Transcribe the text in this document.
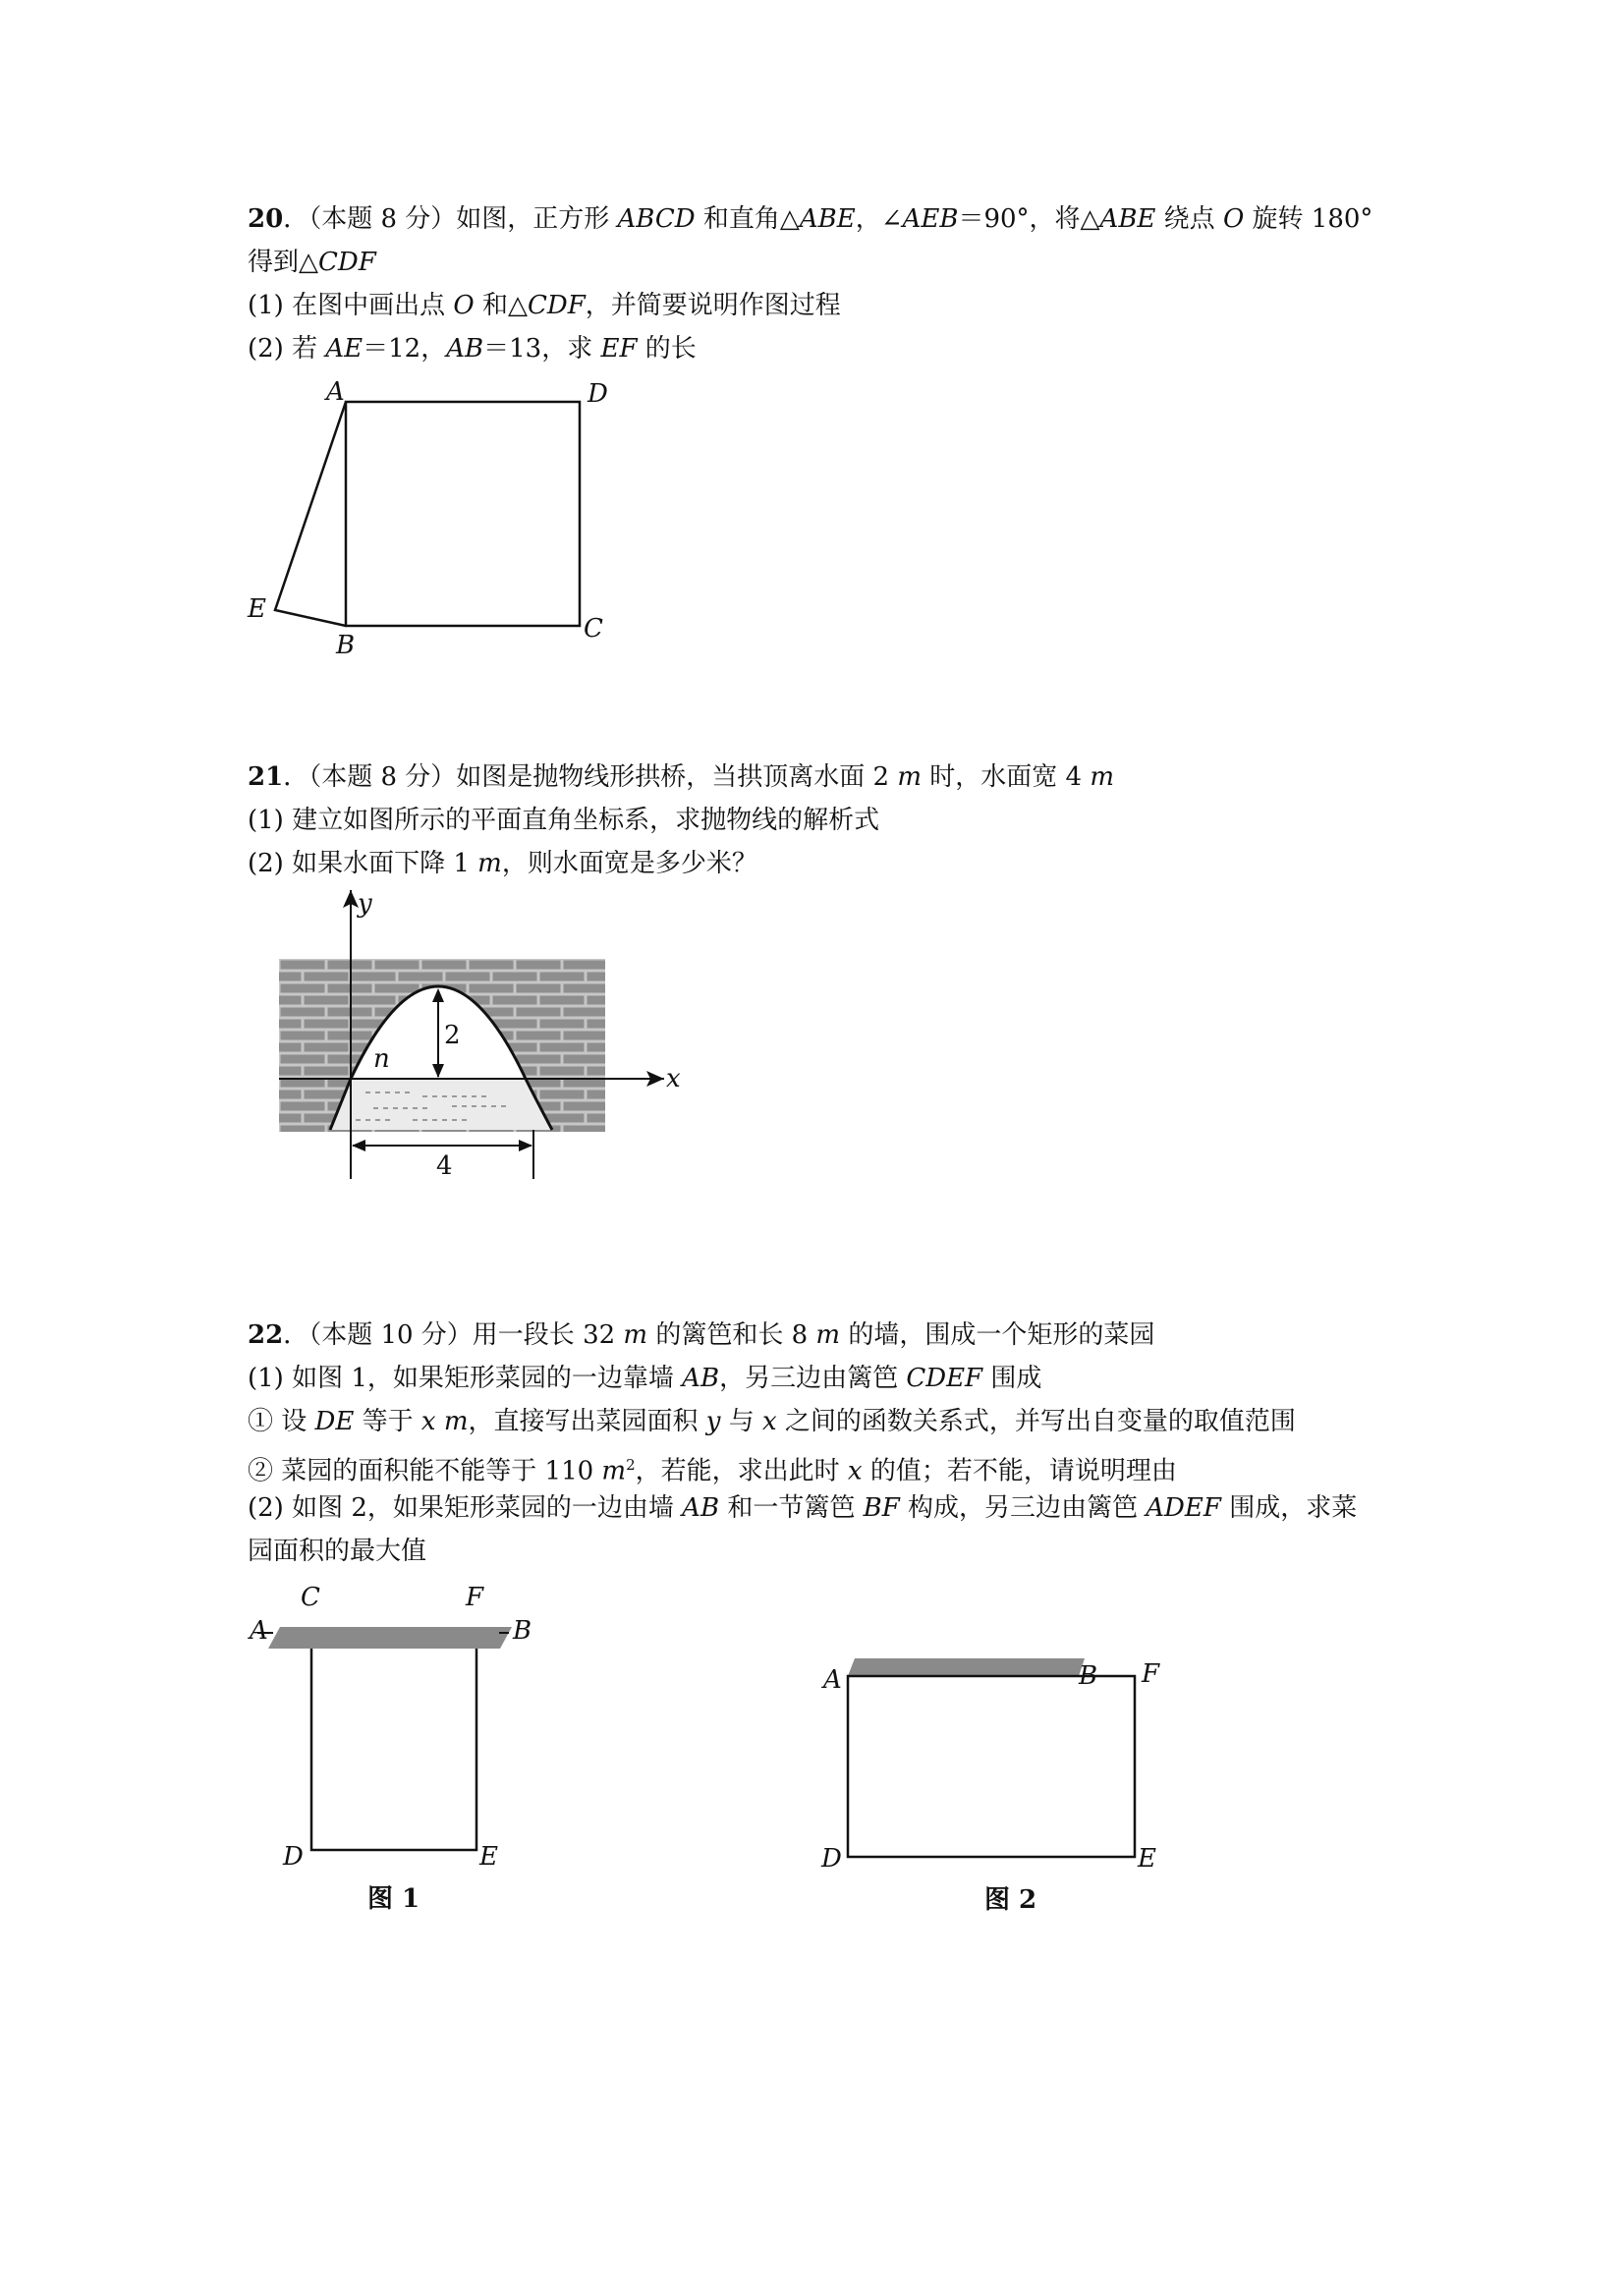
20．（本题 8 分）如图，正方形 ABCD 和直角△ABE，∠AEB＝90°，将△ABE 绕点 O 旋转 180°
得到△CDF
(1) 在图中画出点 O 和△CDF，并简要说明作图过程
(2) 若 AE＝12，AB＝13，求 EF 的长
A	D
E
B
C
21．（本题 8 分）如图是抛物线形拱桥，当拱顶离水面 2 m 时，水面宽 4 m
(1) 建立如图所示的平面直角坐标系，求抛物线的解析式
(2) 如果水面下降 1 m，则水面宽是多少米？
y
x
2
4
n
22．（本题 10 分）用一段长 32 m 的篱笆和长 8 m 的墙，围成一个矩形的菜园
(1) 如图 1，如果矩形菜园的一边靠墙 AB，另三边由篱笆 CDEF 围成
① 设 DE 等于 x m，直接写出菜园面积 y 与 x 之间的函数关系式，并写出自变量的取值范围
② 菜园的面积能不能等于 110 $m^2$，若能，求出此时 x 的值；若不能，请说明理由
(2) 如图 2，如果矩形菜园的一边由墙 AB 和一节篱笆 BF 构成，另三边由篱笆 ADEF 围成，求菜
园面积的最大值
C	F
A	B
D	E
图 1
A	B F
D	E
图 2
